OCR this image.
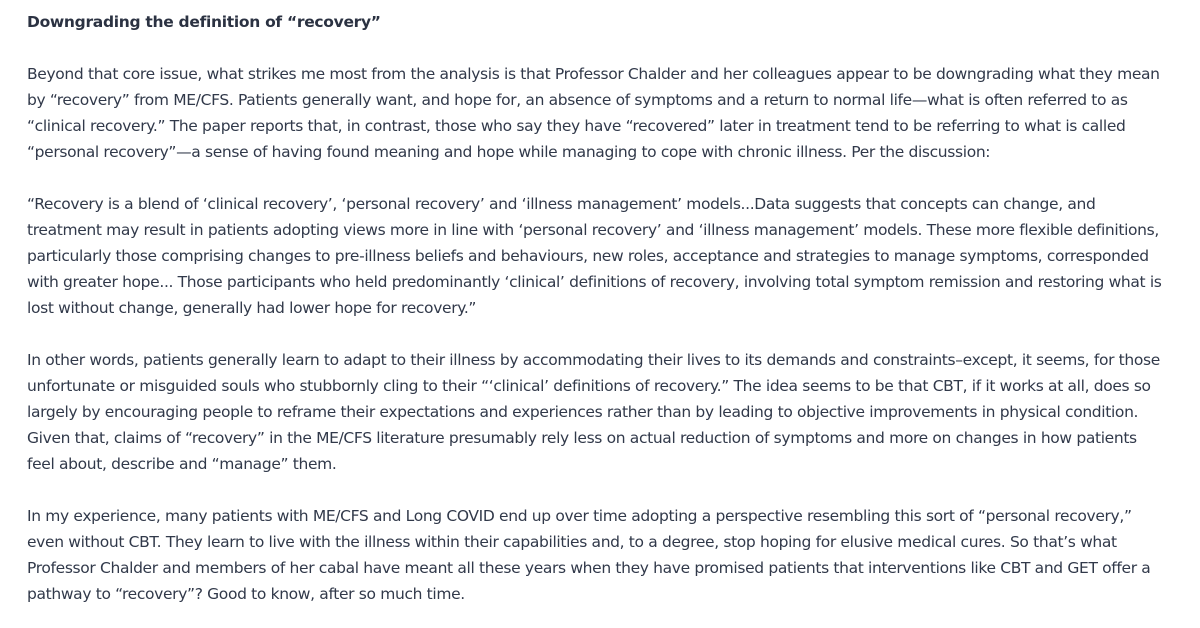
Downgrading the definition of “recovery”

Beyond that core issue, what strikes me most from the analysis is that Professor Chalder and her colleagues appear to be downgrading what they mean by “recovery” from ME/CFS. Patients generally want, and hope for, an absence of symptoms and a return to normal life—what is often referred to as “clinical recovery.” The paper reports that, in contrast, those who say they have “recovered” later in treatment tend to be referring to what is called “personal recovery”—a sense of having found meaning and hope while managing to cope with chronic illness. Per the discussion:

“Recovery is a blend of ‘clinical recovery’, ‘personal recovery’ and ‘illness management’ models...Data suggests that concepts can change, and treatment may result in patients adopting views more in line with ‘personal recovery’ and ‘illness management’ models. These more flexible definitions, particularly those comprising changes to pre-illness beliefs and behaviours, new roles, acceptance and strategies to manage symptoms, corresponded with greater hope... Those participants who held predominantly ‘clinical’ definitions of recovery, involving total symptom remission and restoring what is lost without change, generally had lower hope for recovery.”

In other words, patients generally learn to adapt to their illness by accommodating their lives to its demands and constraints–except, it seems, for those unfortunate or misguided souls who stubbornly cling to their “‘clinical’ definitions of recovery.” The idea seems to be that CBT, if it works at all, does so largely by encouraging people to reframe their expectations and experiences rather than by leading to objective improvements in physical condition. Given that, claims of “recovery” in the ME/CFS literature presumably rely less on actual reduction of symptoms and more on changes in how patients feel about, describe and “manage” them.

In my experience, many patients with ME/CFS and Long COVID end up over time adopting a perspective resembling this sort of “personal recovery,” even without CBT. They learn to live with the illness within their capabilities and, to a degree, stop hoping for elusive medical cures. So that’s what Professor Chalder and members of her cabal have meant all these years when they have promised patients that interventions like CBT and GET offer a pathway to “recovery”? Good to know, after so much time.
